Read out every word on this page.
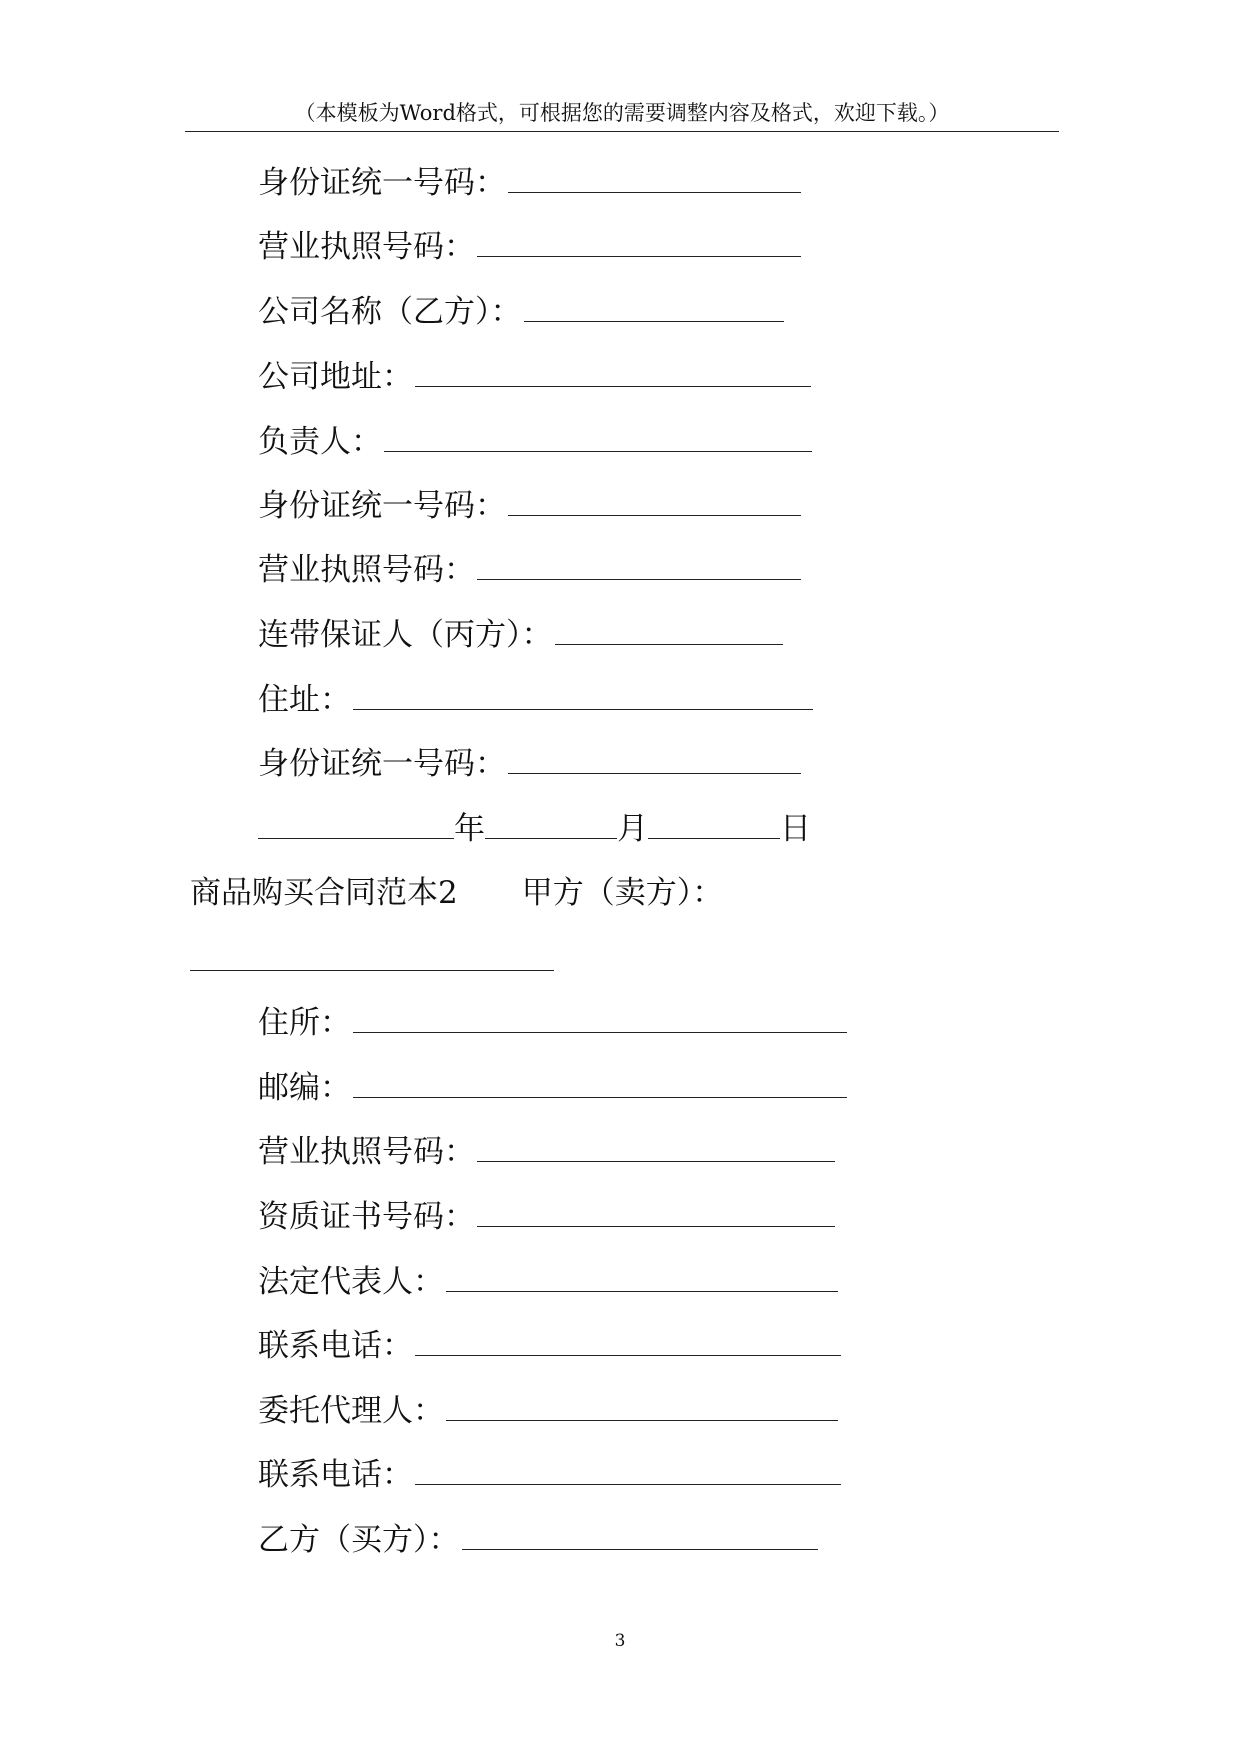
（本模板为Word格式，可根据您的需要调整内容及格式，欢迎下载。）
身份证统一号码：
营业执照号码：
公司名称（乙方）：
公司地址：
负责人：
身份证统一号码：
营业执照号码：
连带保证人（丙方）：
住址：
身份证统一号码：
年	月	日
商品购买合同范本2 甲方（卖方）：
住所：
邮编：
营业执照号码：
资质证书号码：
法定代表人：
联系电话：
委托代理人：
联系电话：
乙方（买方）：
3
